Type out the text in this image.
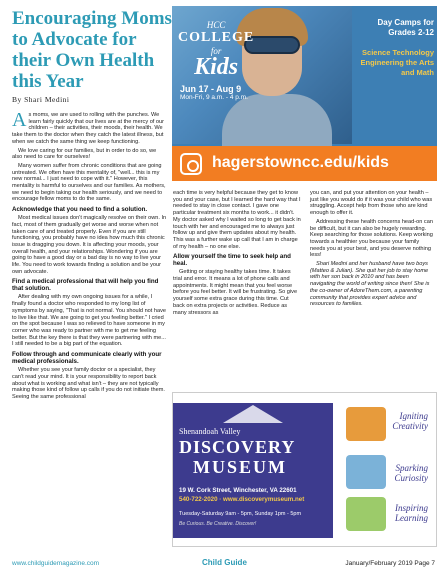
Encouraging Moms to Advocate for their Own Health this Year
By Shari Medini

As moms, we are used to rolling with the punches. We learn fairly quickly that our lives are at the mercy of our children – their activities, their moods, their health. We take them to the doctor when they catch the latest illness, but when we catch the same thing we keep functioning.

We love caring for our families, but in order to do so, we also need to care for ourselves!

Many women suffer from chronic conditions that are going untreated. We often have this mentality of, "well... this is my new normal... I just need to cope with it." However, this mentality is harmful to ourselves and our families. As mothers, we need to begin taking our health seriously, and we need to encourage fellow moms to do the same.

Acknowledge that you need to find a solution.

Most medical issues don't magically resolve on their own. In fact, most of them gradually get worse and worse when not taken care of and treated properly. Even if you are still functioning, you probably have no idea how much this chronic issue is dragging you down. It is affecting your moods, your overall health, and your relationships. Wondering if you are going to have a good day or a bad day is no way to live your life. You need to work towards finding a solution and be your own advocate.

Find a medical professional that will help you find that solution.

After dealing with my own ongoing issues for a while, I finally found a doctor who responded to my long list of symptoms by saying, "That is not normal. You should not have to live like that. We are going to get you feeling better." I cried on the spot because I was so relieved to have someone in my corner who was ready to partner with me to get me feeling better. But the key there is that they were partnering with me... I still needed to be a big part of the equation.

Follow through and communicate clearly with your medical professionals.

Whether you see your family doctor or a specialist, they can't read your mind. It is your responsibility to report back about what is working and what isn't – they are not typically making those kind of follow up calls if you do not initiate them. Seeing the same professional

each time is very helpful because they get to know you and your case, but I learned the hard way that I needed to stay in close contact. I gave one particular treatment six months to work... it didn't. My doctor asked why I waited so long to get back in touch with her and encouraged me to always just follow up and give them updates about my health. This was a further wake up call that I am in charge of my health – no one else.

Allow yourself the time to seek help and heal.

Getting or staying healthy takes time. It takes trial and error. It means a lot of phone calls and appointments. It might mean that you feel worse before you feel better. It will be frustrating. So give yourself some extra grace during this time. Cut back on extra projects or activities. Reduce as many stressors as

you can, and put your attention on your health – just like you would do if it was your child who was struggling. Accept help from those who are kind enough to offer it.

Addressing these health concerns head-on can be difficult, but it can also be hugely rewarding. Keep searching for those solutions. Keep working towards a healthier you because your family needs you at your best, and you deserve nothing less!

Shari Medini and her husband have two boys (Matteo & Julian). She quit her job to stay home with her son back in 2010 and has been navigating the world of writing since then! She is the co-owner of AdoreThem.com, a parenting community that provides expert advice and resources to families.

HCC
COLLEGE
for
Kids
Jun 17 - Aug 9
Mon-Fri, 9 a.m. - 4 p.m.
Day Camps for Grades 2-12
Science Technology Engineering the Arts and Math
hagerstowncc.edu/kids
Shenandoah Valley
DISCOVERY
MUSEUM
19 W. Cork Street, Winchester, VA 22601
540-722-2020 · www.discoverymuseum.net
Tuesday-Saturday 9am - 5pm, Sunday 1pm - 5pm
Be Curious. Be Creative. Discover!
Igniting Creativity
Sparking Curiosity
Inspiring Learning
www.childguidemagazine.com	Child Guide	January/February 2019 Page 7
